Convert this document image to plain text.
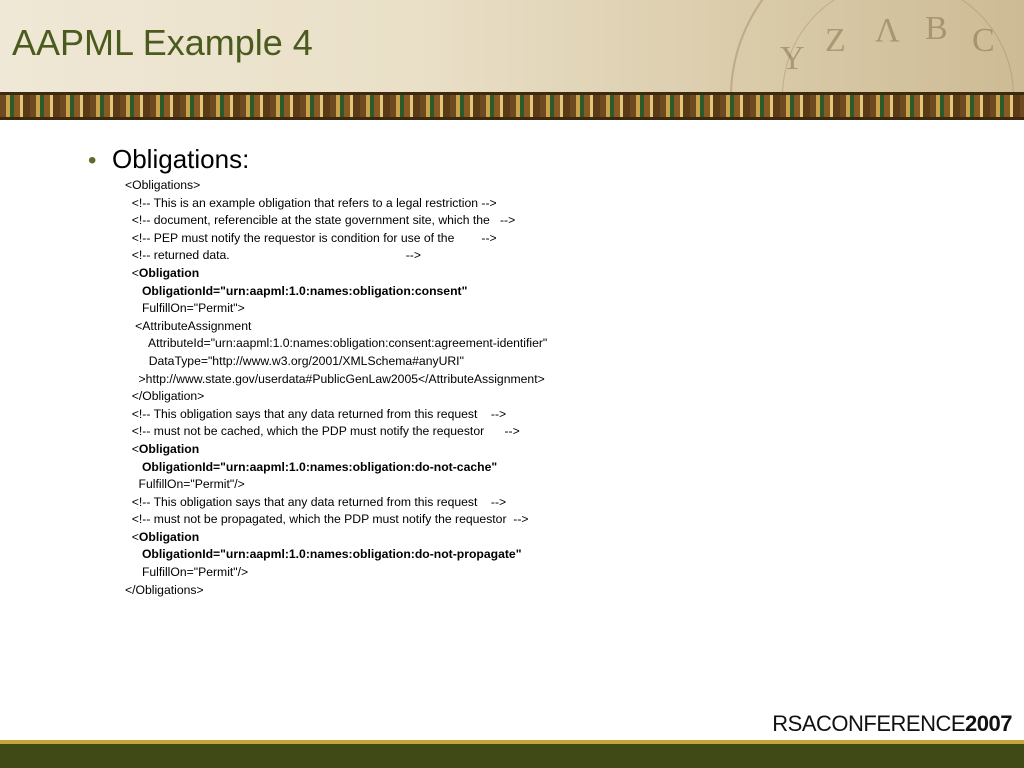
Y Z Λ B C
AAPML Example 4
• Obligations:
<Obligations>
<!-- This is an example obligation that refers to a legal restriction -->
<!-- document, referencible at the state government site, which the   -->
<!-- PEP must notify the requestor is condition for use of the        -->
<!-- returned data.                                                    -->
<Obligation
ObligationId="urn:aapml:1.0:names:obligation:consent"
FulfillOn="Permit">
<AttributeAssignment
AttributeId="urn:aapml:1.0:names:obligation:consent:agreement-identifier"
DataType="http://www.w3.org/2001/XMLSchema#anyURI"
>http://www.state.gov/userdata#PublicGenLaw2005</AttributeAssignment>
</Obligation>
<!-- This obligation says that any data returned from this request    -->
<!-- must not be cached, which the PDP must notify the requestor      -->
<Obligation
ObligationId="urn:aapml:1.0:names:obligation:do-not-cache"
FulfillOn="Permit"/>
<!-- This obligation says that any data returned from this request    -->
<!-- must not be propagated, which the PDP must notify the requestor  -->
<Obligation
ObligationId="urn:aapml:1.0:names:obligation:do-not-propagate"
FulfillOn="Permit"/>
</Obligations>
RSACONFERENCE2007
